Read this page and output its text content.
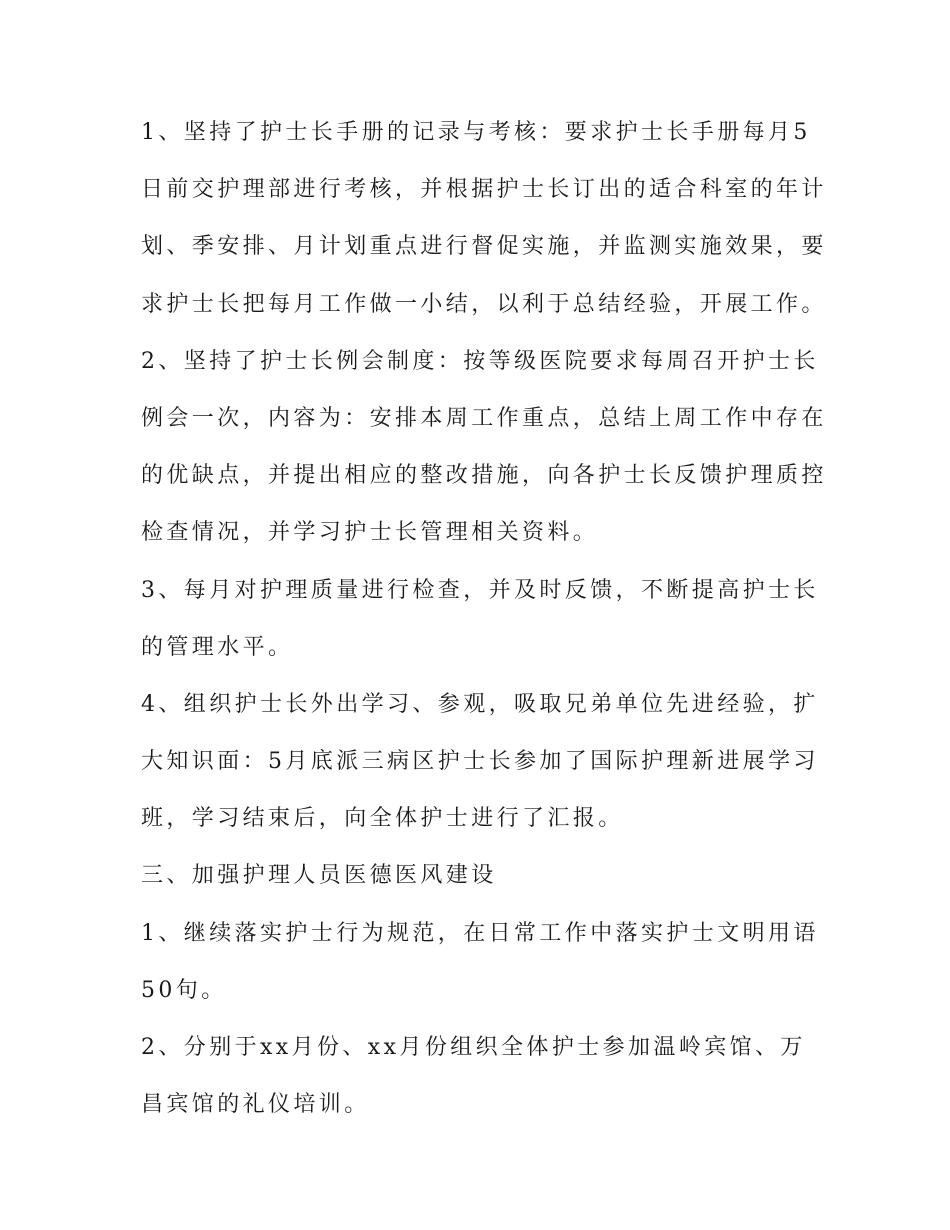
1、坚持了护士长手册的记录与考核：要求护士长手册每月5
日前交护理部进行考核，并根据护士长订出的适合科室的年计
划、季安排、月计划重点进行督促实施，并监测实施效果，要
求护士长把每月工作做一小结，以利于总结经验，开展工作。
2、坚持了护士长例会制度：按等级医院要求每周召开护士长
例会一次，内容为：安排本周工作重点，总结上周工作中存在
的优缺点，并提出相应的整改措施，向各护士长反馈护理质控
检查情况，并学习护士长管理相关资料。
3、每月对护理质量进行检查，并及时反馈，不断提高护士长
的管理水平。
4、组织护士长外出学习、参观，吸取兄弟单位先进经验，扩
大知识面：5月底派三病区护士长参加了国际护理新进展学习
班，学习结束后，向全体护士进行了汇报。
三、加强护理人员医德医风建设
1、继续落实护士行为规范，在日常工作中落实护士文明用语
50句。
2、分别于xx月份、xx月份组织全体护士参加温岭宾馆、万
昌宾馆的礼仪培训。
